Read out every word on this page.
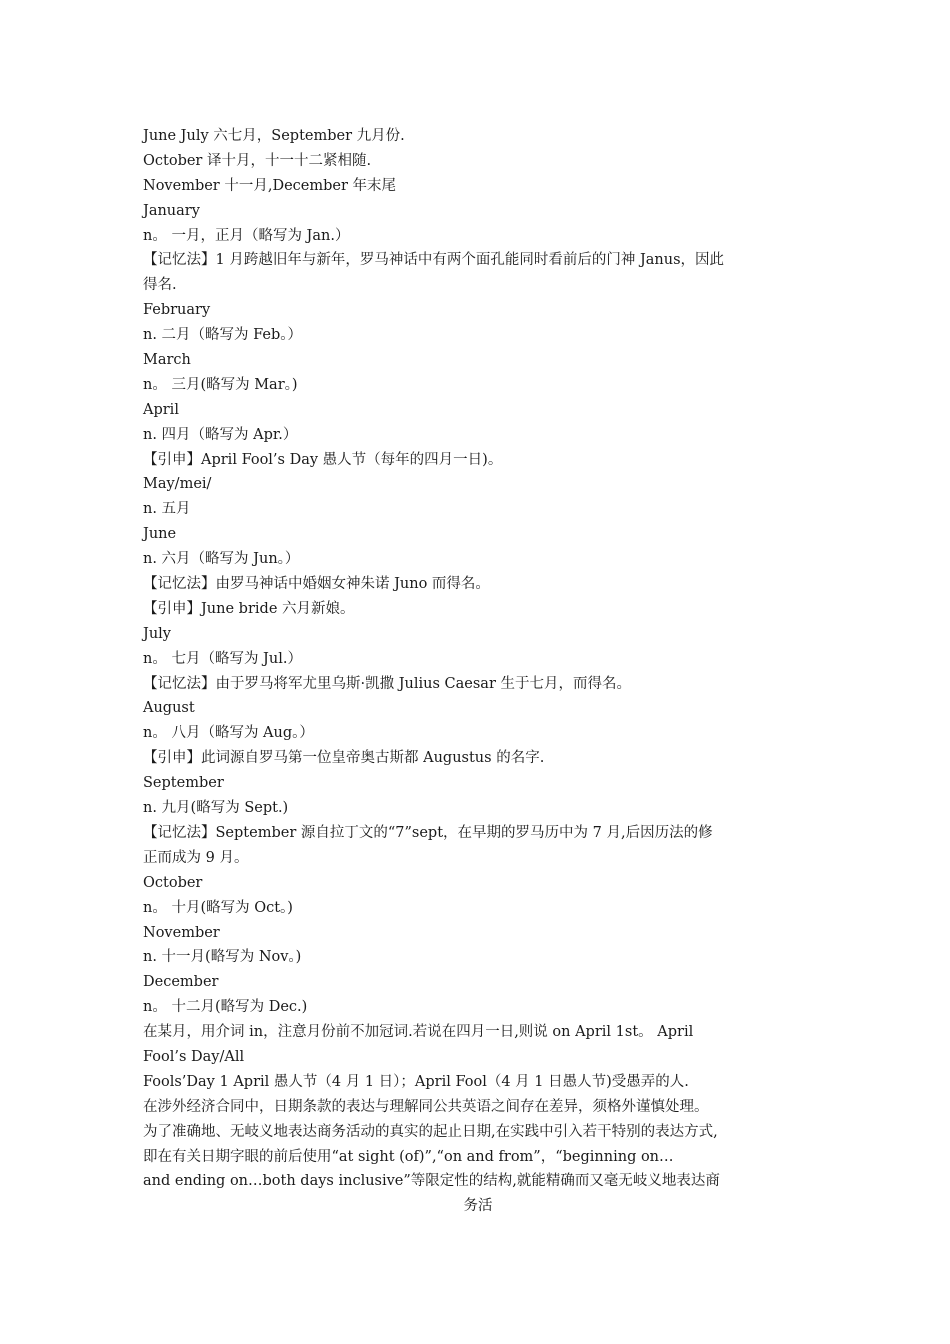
June July 六七月，September 九月份.
October 译十月，十一十二紧相随.
November 十一月,December 年末尾
January
n。 一月，正月（略写为 Jan.）
【记忆法】1 月跨越旧年与新年，罗马神话中有两个面孔能同时看前后的门神 Janus，因此
得名.
February
n. 二月（略写为 Feb。）
March
n。 三月(略写为 Mar。)
April
n. 四月（略写为 Apr.）
【引申】April Fool’s Day 愚人节（每年的四月一日)。
May/mei/
n. 五月
June
n. 六月（略写为 Jun。）
【记忆法】由罗马神话中婚姻女神朱诺 Juno 而得名。
【引申】June bride 六月新娘。
July
n。 七月（略写为 Jul.）
【记忆法】由于罗马将军尤里乌斯·凯撒 Julius Caesar 生于七月，而得名。
August
n。 八月（略写为 Aug。）
【引申】此词源自罗马第一位皇帝奥古斯都 Augustus 的名字.
September
n. 九月(略写为 Sept.)
【记忆法】September 源自拉丁文的“7”sept，在早期的罗马历中为 7 月,后因历法的修
正而成为 9 月。
October
n。 十月(略写为 Oct。)
November
n. 十一月(略写为 Nov。)
December
n。 十二月(略写为 Dec.)
在某月，用介词 in，注意月份前不加冠词.若说在四月一日,则说 on April 1st。 April
Fool’s Day/All
Fools’Day 1 April 愚人节（4 月 1 日）；April Fool（4 月 1 日愚人节)受愚弄的人.
在涉外经济合同中，日期条款的表达与理解同公共英语之间存在差异，须格外谨慎处理。
为了准确地、无岐义地表达商务活动的真实的起止日期,在实践中引入若干特别的表达方式,
即在有关日期字眼的前后使用“at sight (of)”,“on and from”，“beginning on…
and ending on…both days inclusive”等限定性的结构,就能精确而又毫无岐义地表达商
务活
